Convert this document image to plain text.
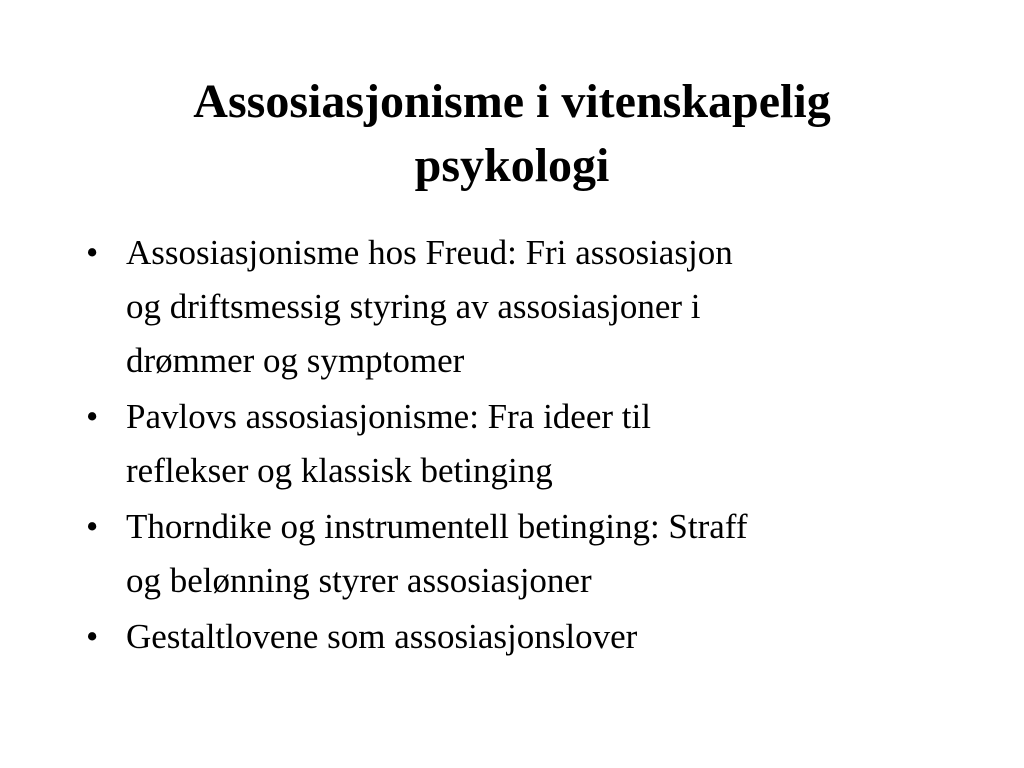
Assosiasjonisme i vitenskapelig
psykologi
• Assosiasjonisme hos Freud: Fri assosiasjon
og driftsmessig styring av assosiasjoner i
drømmer og symptomer
• Pavlovs assosiasjonisme: Fra ideer til
reflekser og klassisk betinging
• Thorndike og instrumentell betinging: Straff
og belønning styrer assosiasjoner
• Gestaltlovene som assosiasjonslover
